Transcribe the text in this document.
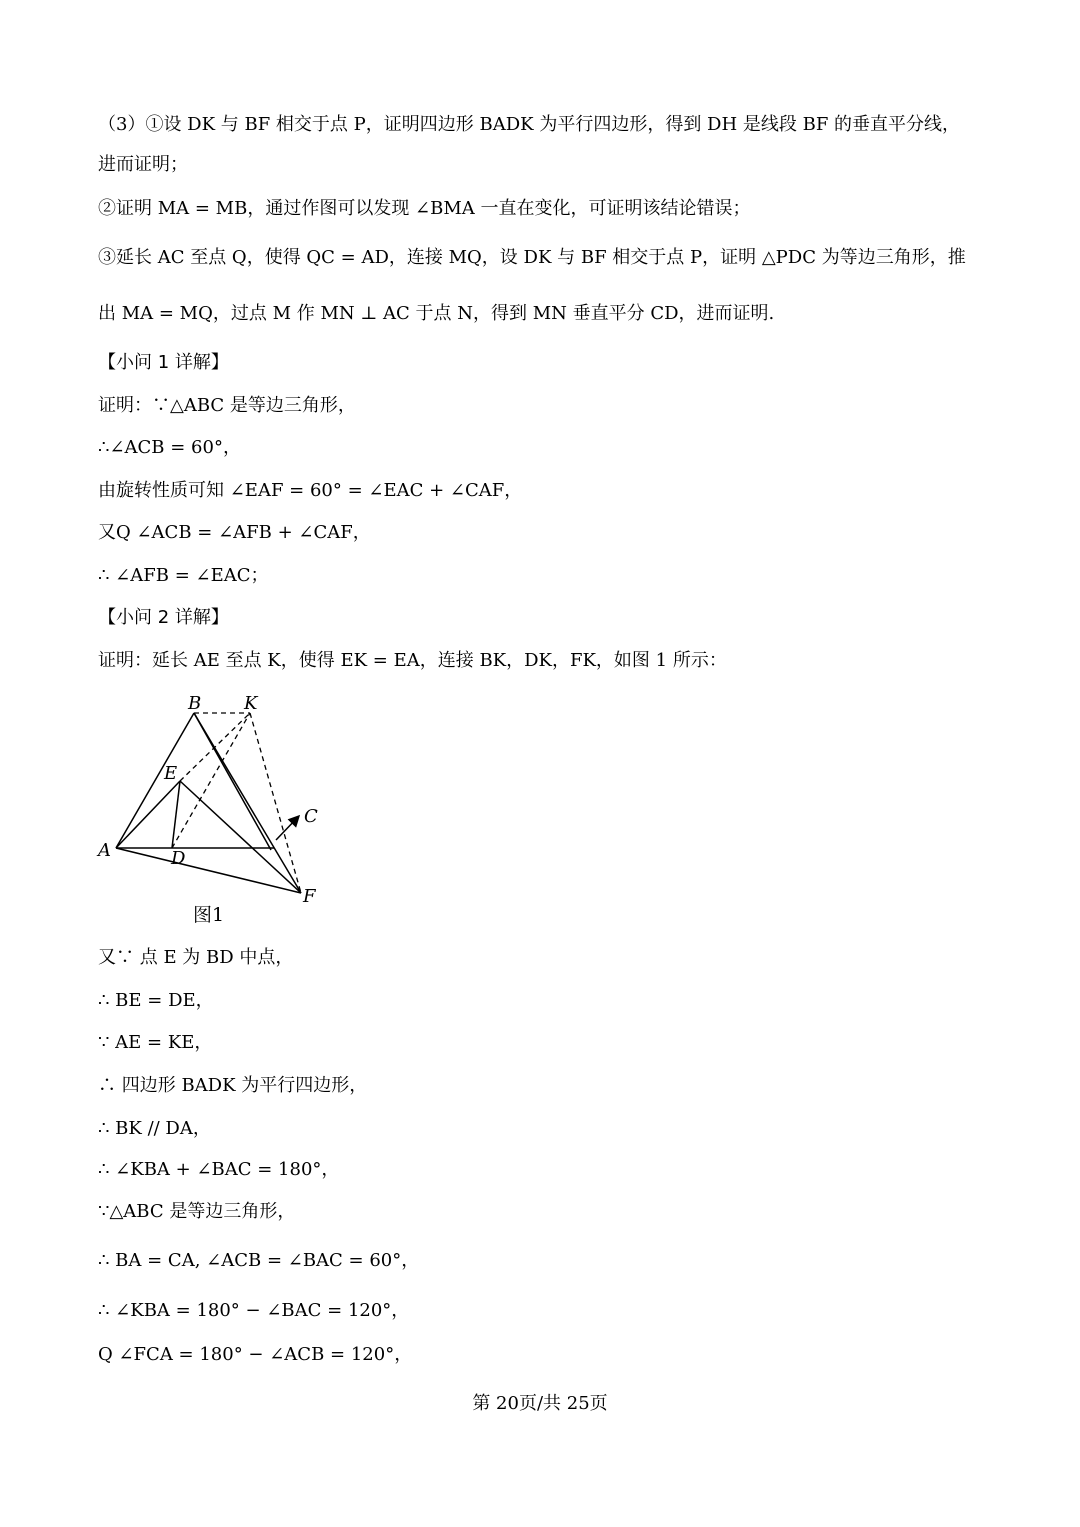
（3）①设 DK 与 BF 相交于点 P，证明四边形 BADK 为平行四边形，得到 DH 是线段 BF 的垂直平分线，
进而证明；
②证明 MA = MB，通过作图可以发现 ∠BMA 一直在变化，可证明该结论错误；
③延长 AC 至点 Q，使得 QC = AD，连接 MQ，设 DK 与 BF 相交于点 P，证明 △PDC 为等边三角形，推
出 MA = MQ，过点 M 作 MN ⊥ AC 于点 N，得到 MN 垂直平分 CD，进而证明.
【小问 1 详解】
证明：∵△ABC 是等边三角形，
∴∠ACB = 60°，
由旋转性质可知 ∠EAF = 60° = ∠EAC + ∠CAF，
又Q ∠ACB = ∠AFB + ∠CAF，
∴ ∠AFB = ∠EAC；
【小问 2 详解】
证明：延长 AE 至点 K，使得 EK = EA，连接 BK，DK，FK，如图 1 所示：
B K
E
A	D
C
F
图1
又∵ 点 E 为 BD 中点，
∴ BE = DE，
∵ AE = KE，
∴ 四边形 BADK 为平行四边形，
∴ BK // DA，
∴ ∠KBA + ∠BAC = 180°，
∵△ABC 是等边三角形，
∴ BA = CA, ∠ACB = ∠BAC = 60°，
∴ ∠KBA = 180° − ∠BAC = 120°，
Q ∠FCA = 180° − ∠ACB = 120°，
第 20页/共 25页
